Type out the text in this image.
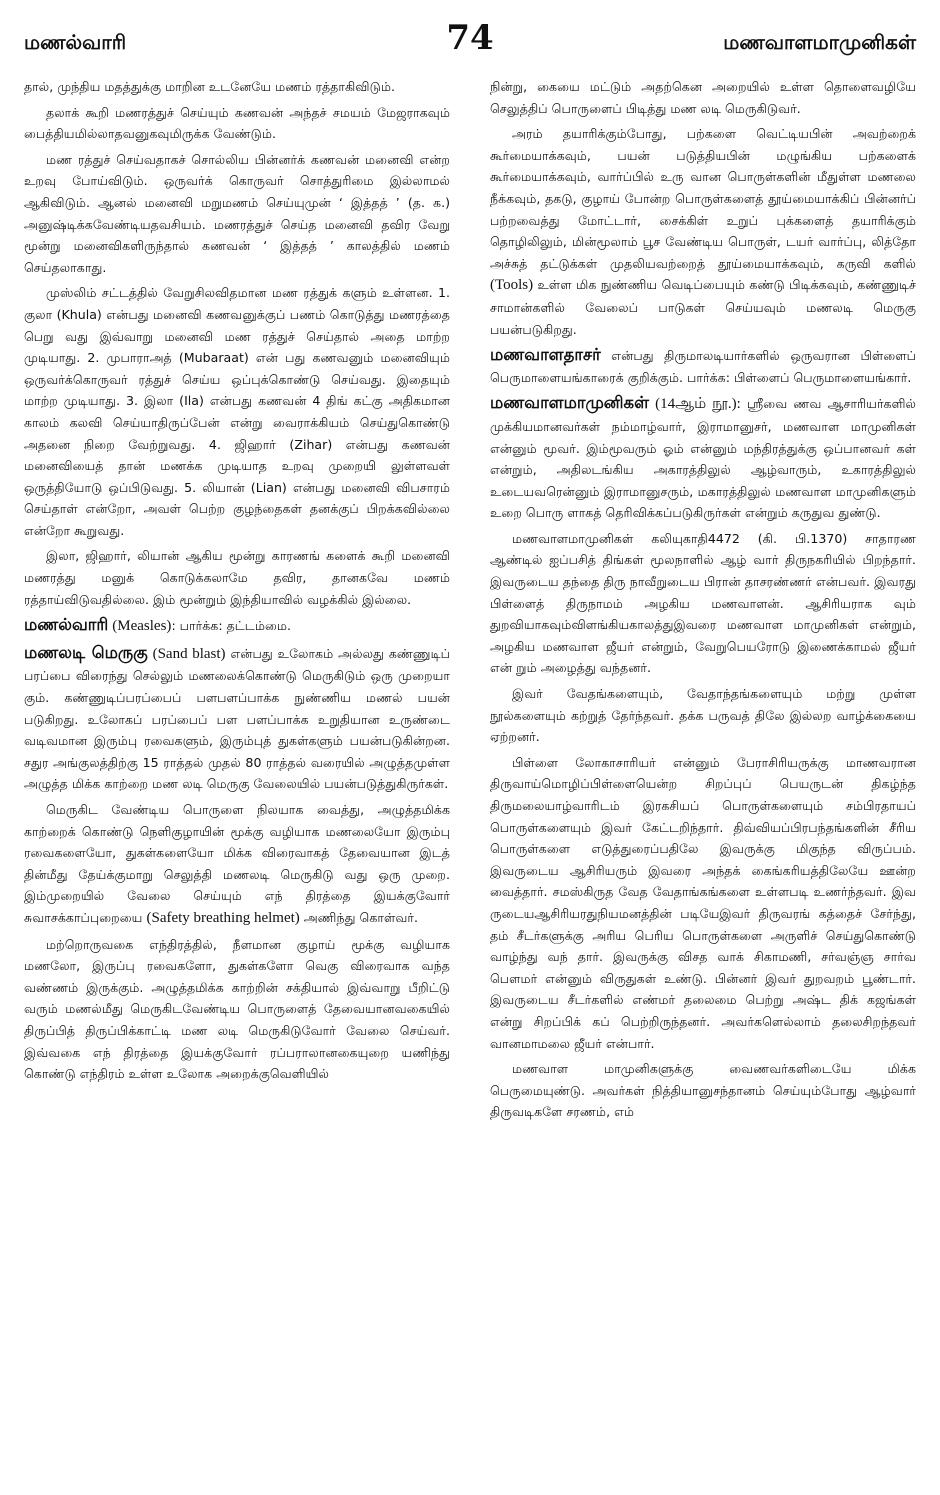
மணல்வாரி	74	மணவாளமாமுனிகள்

தால், முந்திய மதத்துக்கு மாறின உடனேயே மணம் ரத்தாகிவிடும்.

தலாக் கூறி மணரத்துச் செய்யும் கணவன் அந்தச் சமயம் மேஜராகவும் பைத்தியமில்லாதவனுகவுமிருக்க வேண்டும்.

மண ரத்துச் செய்வதாகச் சொல்லிய பின்னர்க் கணவன் மனைவி என்ற உறவு போய்விடும். ஒருவர்க் கொருவர் சொத்துரிமை இல்லாமல் ஆகிவிடும். ஆனல் மனைவி மறுமணம் செய்யுமுன் ‘ இத்தத் ’ (த. க.) அனுஷ்டிக்கவேண்டியதவசியம். மணரத்துச் செய்த மனைவி தவிர வேறு மூன்று மனைவிகளிருந்தால் கணவன் ‘ இத்தத் ’ காலத்தில் மணம் செய்தலாகாது.

முஸ்லிம் சட்டத்தில் வேறுசிலவிதமான மண ரத்துக் களும் உள்ளன. 1. குலா (Khula) என்பது மனைவி கணவனுக்குப் பணம் கொடுத்து மணரத்தை பெறு வது இவ்வாறு மனைவி மண ரத்துச் செய்தால் அதை மாற்ற முடியாது. 2. முபாராஅத் (Mubaraat) என் பது கணவனும் மனைவியும் ஒருவர்க்கொருவர் ரத்துச் செய்ய ஒப்புக்கொண்டு செய்வது. இதையும் மாற்ற முடியாது. 3. இலா (Ila) என்பது கணவன் 4 திங் கட்கு அதிகமான காலம் கலவி செய்யாதிருப்பேன் என்று வைராக்கியம் செய்துகொண்டு அதனை நிறை வேற்றுவது. 4. ஜிஹார் (Zihar) என்பது கணவன் மனைவியைத் தான் மணக்க முடியாத உறவு முறையி லுள்ளவள் ஒருத்தியோடு ஒப்பிடுவது. 5. லியான் (Lian) என்பது மனைவி விபசாரம் செய்தாள் என்றோ, அவள் பெற்ற குழந்தைகள் தனக்குப் பிறக்கவில்லை என்றோ கூறுவது.

இலா, ஜிஹார், லியான் ஆகிய மூன்று காரணங் களைக் கூறி மனைவி மணரத்து மனுக் கொடுக்கலாமே தவிர, தானகவே மணம் ரத்தாய்விடுவதில்லை. இம் மூன்றும் இந்தியாவில் வழக்கில் இல்லை.

மணல்வாரி (Measles): பார்க்க: தட்டம்மை.

மணலடி மெருகு (Sand blast) என்பது உலோகம் அல்லது கண்ணுடிப் பரப்பை விரைந்து செல்லும் மணலைக்கொண்டு மெருகிடும் ஒரு முறையா கும். கண்ணுடிப்பரப்பைப் பளபளப்பாக்க நுண்ணிய மணல் பயன் படுகிறது. உலோகப் பரப்பைப் பள பளப்பாக்க உறுதியான உருண்டை வடிவமான இரும்பு ரவைகளும், இரும்புத் துகள்களும் பயன்படுகின்றன. சதுர அங்குலத்திற்கு 15 ராத்தல் முதல் 80 ராத்தல் வரையில் அழுத்தமுள்ள அழுத்த மிக்க காற்றை மண லடி மெருகு வேலையில் பயன்படுத்துகிருர்கள்.

மெருகிட வேண்டிய பொருளை நிலயாக வைத்து, அழுத்தமிக்க காற்றைக் கொண்டு நெளிகுழாயின் மூக்கு வழியாக மணலையோ இரும்பு ரவைகளையோ, துகள்களையோ மிக்க விரைவாகத் தேவையான இடத் தின்மீது தேய்க்குமாறு செலுத்தி மணலடி மெருகிடு வது ஒரு முறை. இம்முறையில் வேலை செய்யும் எந் திரத்தை இயக்குவோர் சுவாசக்காப்புறையை (Safety breathing helmet) அணிந்து கொள்வர்.

மற்றொருவகை எந்திரத்தில், நீளமான குழாய் மூக்கு வழியாக மணலோ, இருப்பு ரவைகளோ, துகள்களோ வெகு விரைவாக வந்த வண்ணம் இருக்கும். அழுத்தமிக்க காற்றின் சக்தியால் இவ்வாறு பீறிட்டு வரும் மணல்மீது மெருகிடவேண்டிய பொருளைத் தேவையானவகையில் திருப்பித் திருப்பிக்காட்டி மண லடி மெருகிடுவோர் வேலை செய்வர். இவ்வகை எந் திரத்தை இயக்குவோர் ரப்பராலானகையுறை யணிந்து கொண்டு எந்திரம் உள்ள உலோக அறைக்குவெளியில்

நின்று, கையை மட்டும் அதற்கென அறையில் உள்ள தொளைவழியே செலுத்திப் பொருளைப் பிடித்து மண லடி மெருகிடுவர்.

அரம் தயாரிக்கும்போது, பற்களை வெட்டியபின் அவற்றைக் கூர்மையாக்கவும், பயன் படுத்தியபின் மழுங்கிய பற்களைக் கூர்மையாக்கவும், வார்ப்பில் உரு வான பொருள்களின் மீதுள்ள மணலை நீக்கவும், தகடு, குழாய் போன்ற பொருள்களைத் தூய்மையாக்கிப் பின்னர்ப் பற்றவைத்து மோட்டார், சைக்கிள் உறுப் புக்களைத் தயாரிக்கும் தொழிலிலும், மின்மூலாம் பூச வேண்டிய பொருள், டயர் வார்ப்பு, லித்தோ அச்சுத் தட்டுக்கள் முதலியவற்றைத் தூய்மையாக்கவும், கருவி களில் (Tools) உள்ள மிக நுண்ணிய வெடிப்பையும் கண்டு பிடிக்கவும், கண்ணுடிச் சாமான்களில் வேலைப் பாடுகள் செய்யவும் மணலடி மெருகு பயன்படுகிறது.

மணவாளதாசர் என்பது திருமாலடியார்களில் ஒருவரான பிள்ளைப் பெருமாளையங்காரைக் குறிக்கும். பார்க்க: பிள்ளைப் பெருமாளையங்கார்.

மணவாளமாமுனிகள் (14ஆம் நூ.): ஸ்ரீவை ணவ ஆசாரியர்களில் முக்கியமானவர்கள் நம்மாழ்வார், இராமானுசர், மணவாள மாமுனிகள் என்னும் மூவர். இம்மூவரும் ஓம் என்னும் மந்திரத்துக்கு ஒப்பானவர் கள் என்றும், அதிலடங்கிய அகாரத்திலுல் ஆழ்வாரும், உகாரத்திலுல் உடையவரென்னும் இராமானுசரும், மகாரத்திலுல் மணவாள மாமுனிகளும் உறை பொரு ளாகத் தெரிவிக்கப்படுகிருர்கள் என்றும் கருதுவ துண்டு.

மணவாளமாமுனிகள் கலியுகாதி4472 (கி. பி.1370) சாதாரண ஆண்டில் ஐப்பசித் திங்கள் மூலநாளில் ஆழ் வார் திருநகரியில் பிறந்தார். இவருடைய தந்தை திரு நாவீறுடைய பிரான் தாசரண்ணர் என்பவர். இவரது பிள்ளைத் திருநாமம் அழகிய மணவாளன். ஆசிரியராக வும் துறவியாகவும்விளங்கியகாலத்துஇவரை மணவாள மாமுனிகள் என்றும், அழகிய மணவாள ஜீயர் என்றும், வேறுபெயரோடு இணைக்காமல் ஜீயர் என் றும் அழைத்து வந்தனர்.

இவர் வேதங்களையும், வேதாந்தங்களையும் மற்று முள்ள நூல்களையும் கற்றுத் தேர்ந்தவர். தக்க பருவத் திலே இல்லற வாழ்க்கையை ஏற்றனர்.

பிள்ளை லோகாசாரியர் என்னும் பேராசிரியருக்கு மாணவரான திருவாய்மொழிப்பிள்ளையென்ற சிறப்புப் பெயருடன் திகழ்ந்த திருமலையாழ்வாரிடம் இரகசியப் பொருள்களையும் சம்பிரதாயப் பொருள்களையும் இவர் கேட்டறிந்தார். திவ்வியப்பிரபந்தங்களின் சீரிய பொருள்களை எடுத்துரைப்பதிலே இவருக்கு மிகுந்த விருப்பம். இவருடைய ஆசிரியரும் இவரை அந்தக் கைங்கரியத்திலேயே ஊன்ற வைத்தார். சமஸ்கிருத வேத வேதாங்கங்களை உள்ளபடி உணர்ந்தவர். இவ ருடையஆசிரியரதுநியமனத்தின் படியேஇவர் திருவரங் கத்தைச் சேர்ந்து, தம் சீடர்களுக்கு அரிய பெரிய பொருள்களை அருளிச் செய்துகொண்டு வாழ்ந்து வந் தார். இவருக்கு விசத வாக் சிகாமணி, சர்வஞ்ஞ சார்வ பௌமர் என்னும் விருதுகள் உண்டு. பின்னர் இவர் துறவறம் பூண்டார். இவருடைய சீடர்களில் எண்மர் தலைமை பெற்று அஷ்ட திக் கஜங்கள் என்று சிறப்பிக் கப் பெற்றிருந்தனர். அவர்களெல்லாம் தலைசிறந்தவர் வானமாமலை ஜீயர் என்பார்.

மணவாள மாமுனிகளுக்கு வைணவர்களிடையே மிக்க பெருமையுண்டு. அவர்கள் நித்தியானுசந்தானம் செய்யும்போது ஆழ்வார் திருவடிகளே சரணம், எம்
